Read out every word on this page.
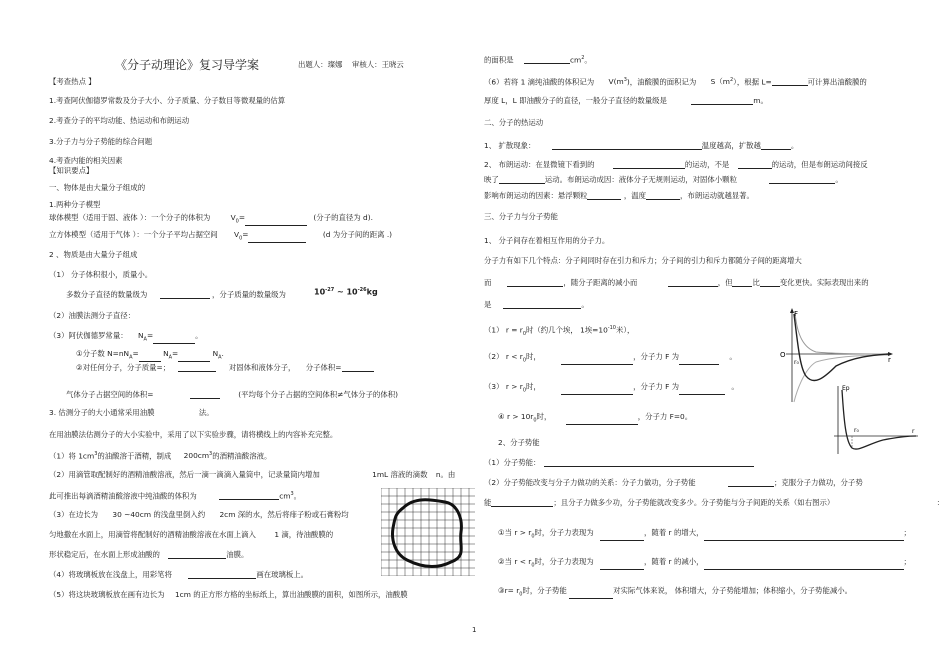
《分子动理论》复习导学案	出题人：璨娜 审核人：王晓云
【考查热点 】
1.考查阿伏伽德罗常数及分子大小、分子质量、分子数目等微观量的估算
2.考查分子的平均动能、热运动和布朗运动
3.分子力与分子势能的综合问题
4.考查内能的相关因素
【知识要点】
一、物体是由大量分子组成的
1.两种分子模型
球体模型（适用于固、液体 ）：一个分子的体积为	$V_0=$	(分子的直径为 d).
立方体模型（适用于气体 ）：一个分子平均占据空间 $V_0=$	(d 为分子间的距离 .)
2 、物质是由大量分子组成
（1） 分子体积很小，质量小。
多数分子直径的数量级为	，分子质量的数量级为	$10^{-27}$ ~ $10^{-26}kg$
（2）油膜法测分子直径：
（3）阿伏伽德罗常量： $N_A=$	。
①分子数 $N=nN_A=$	$N_A=$	$N_A$.
②对任何分子，分子质量=；	对固体和液体分子， 分子体积=
气体分子占据空间的体积=	(平均每个分子占据的空间体积≠气体分子的体积)
3. 估测分子的大小通常采用油膜	法。
在用油膜法估测分子的大小实验中，采用了以下实验步骤，请将横线上的内容补充完整。
（1）将 $1cm^3$的油酸溶于酒精，制成 $200cm^3$的酒精油酸溶液。
（2）用滴管取配制好的酒精油酸溶液，然后一滴一滴滴入量筒中，记录量筒内增加	1mL 溶液的滴数 n。由
此可推出每滴酒精油酸溶液中纯油酸的体积为	$cm^3$。
（3）在边长为 30 ~40cm 的浅盘里倒入约 2cm 深的水，然后将痱子粉或石膏粉均
匀地撒在水面上，用滴管将配制好的酒精油酸溶液在水面上滴入 1 滴，待油酸膜的
形状稳定后，在水面上形成油酸的	油膜。
（4）将玻璃板放在浅盘上，用彩笔将	画在玻璃板上。
（5）将这块玻璃板放在画有边长为 1cm 的正方形方格的坐标纸上，算出油酸膜的面积，如图所示，油酸膜
的面积是	$cm^2$。
（6）若将 1 滴纯油酸的体积记为 $V(m^3)$，油酸膜的面积记为 $S(m^2)$，根据 L=	可计算出油酸膜的
厚度 L，L 即油酸分子的直径，一般分子直径的数量级是	m。
二、分子的热运动
1、 扩散现象：	温度越高，扩散越	。
2、 布朗运动：在显微镜下看到的	的运动，不是	的运动，但是布朗运动间接反
映了	运动。布朗运动成因：液体分子无规则运动，对固体小颗粒	。
影响布朗运动的因素：悬浮颗粒	，温度	，布朗运动就越显著。
三、分子力与分子势能
1、 分子间存在着相互作用的分子力。
分子力有如下几个特点：分子间同时存在引力和斥力；分子间的引力和斥力都随分子间的距离增大
而	，随分子距离的减小而	，但	比	变化更快。实际表现出来的
是	。
（1） $r = r_0$时（约几个埃， 1埃$=10^{-10}$米），
（2） $r < r_0$时，	，分子力 F 为	。
（3） $r > r_0$时，	，分子力 F 为	。
④ $r > 10r_0$时，	，分子力 F=0。
2、分子势能
（1）分子势能：
（2）分子势能改变与分子力做功的关系：分子力做功，分子势能	；克服分子力做功，分子势
能	；且分子力做多少功，分子势能就改变多少。分子势能与分子间距的关系（如右图示）	：
①当 $r > r_0$时，分子力表现为	，随着 r 的增大，	；
②当 $r < r_0$时，分子力表现为	，随着 r 的减小，	；
③r= $r_0$时，分子势能	对实际气体来说， 体积增大，分子势能增加；体积缩小，分子势能减小。
F
O
r₀	r
Ep
r₀	r
1
